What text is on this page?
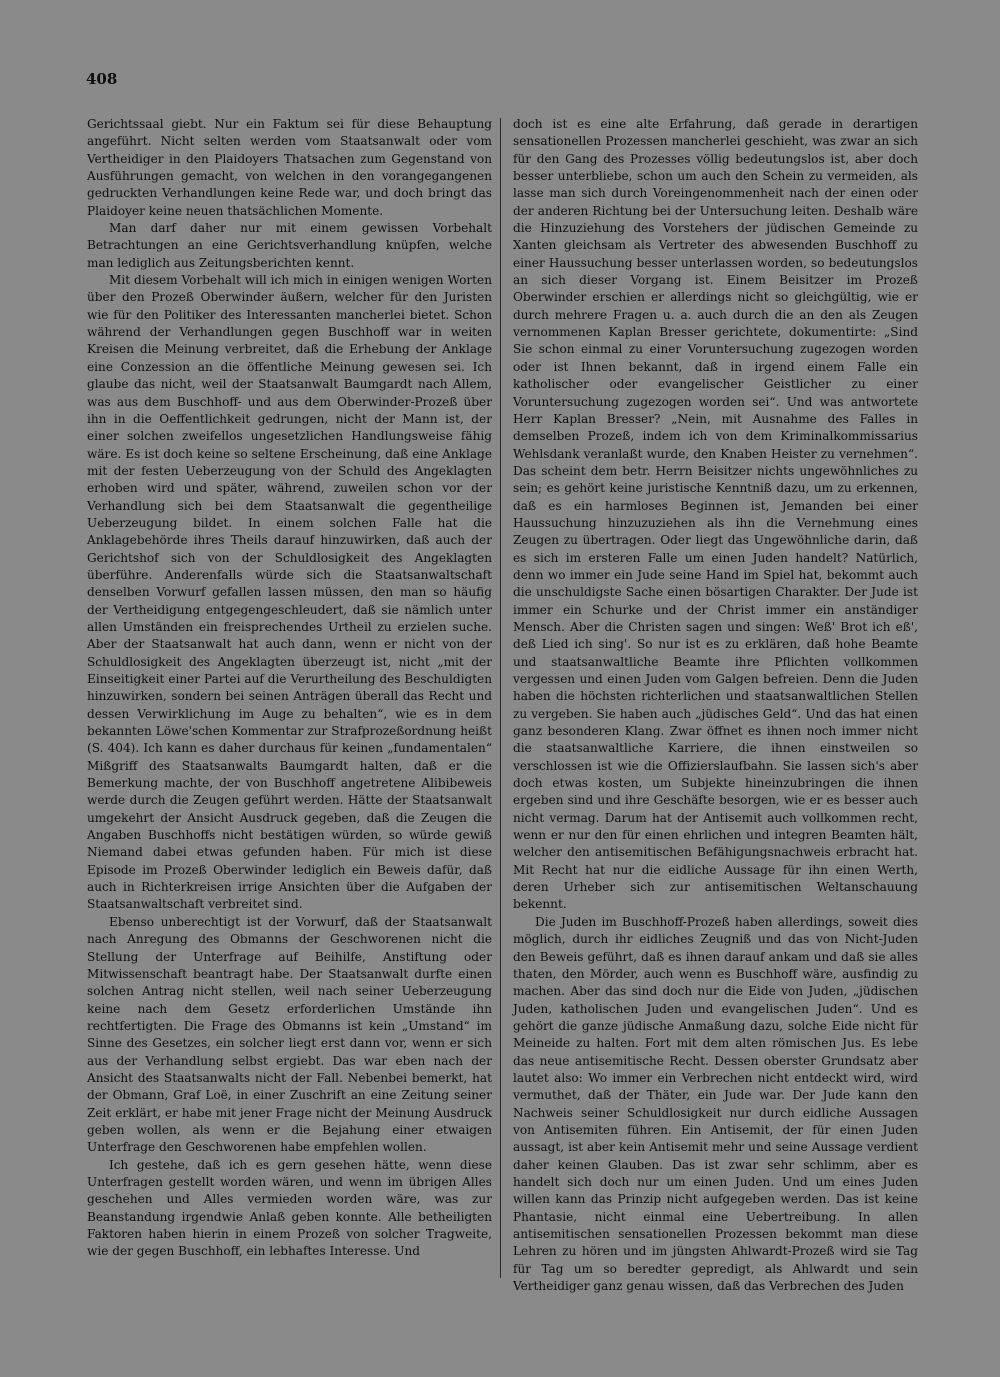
408

Gerichtssaal giebt. Nur ein Faktum sei für diese Behauptung angeführt. Nicht selten werden vom Staatsanwalt oder vom Vertheidiger in den Plaidoyers Thatsachen zum Gegenstand von Ausführungen gemacht, von welchen in den vorangegangenen gedruckten Verhandlungen keine Rede war, und doch bringt das Plaidoyer keine neuen thatsächlichen Momente.

Man darf daher nur mit einem gewissen Vorbehalt Betrachtungen an eine Gerichtsverhandlung knüpfen, welche man lediglich aus Zeitungsberichten kennt.

Mit diesem Vorbehalt will ich mich in einigen wenigen Worten über den Prozeß Oberwinder äußern, welcher für den Juristen wie für den Politiker des Interessanten mancherlei bietet. Schon während der Verhandlungen gegen Buschhoff war in weiten Kreisen die Meinung verbreitet, daß die Erhebung der Anklage eine Conzession an die öffentliche Meinung gewesen sei. Ich glaube das nicht, weil der Staatsanwalt Baumgardt nach Allem, was aus dem Buschhoff- und aus dem Oberwinder-Prozeß über ihn in die Oeffentlichkeit gedrungen, nicht der Mann ist, der einer solchen zweifellos ungesetzlichen Handlungsweise fähig wäre. Es ist doch keine so seltene Erscheinung, daß eine Anklage mit der festen Ueberzeugung von der Schuld des Angeklagten erhoben wird und später, während, zuweilen schon vor der Verhandlung sich bei dem Staatsanwalt die gegentheilige Ueberzeugung bildet. In einem solchen Falle hat die Anklagebehörde ihres Theils darauf hinzuwirken, daß auch der Gerichtshof sich von der Schuldlosigkeit des Angeklagten überführe. Anderenfalls würde sich die Staatsanwaltschaft denselben Vorwurf gefallen lassen müssen, den man so häufig der Vertheidigung entgegengeschleudert, daß sie nämlich unter allen Umständen ein freisprechendes Urtheil zu erzielen suche. Aber der Staatsanwalt hat auch dann, wenn er nicht von der Schuldlosigkeit des Angeklagten überzeugt ist, nicht „mit der Einseitigkeit einer Partei auf die Verurtheilung des Beschuldigten hinzuwirken, sondern bei seinen Anträgen überall das Recht und dessen Verwirklichung im Auge zu behalten“, wie es in dem bekannten Löwe'schen Kommentar zur Strafprozeßordnung heißt (S. 404). Ich kann es daher durchaus für keinen „fundamentalen“ Mißgriff des Staatsanwalts Baumgardt halten, daß er die Bemerkung machte, der von Buschhoff angetretene Alibibeweis werde durch die Zeugen geführt werden. Hätte der Staatsanwalt umgekehrt der Ansicht Ausdruck gegeben, daß die Zeugen die Angaben Buschhoffs nicht bestätigen würden, so würde gewiß Niemand dabei etwas gefunden haben. Für mich ist diese Episode im Prozeß Oberwinder lediglich ein Beweis dafür, daß auch in Richterkreisen irrige Ansichten über die Aufgaben der Staatsanwaltschaft verbreitet sind.

Ebenso unberechtigt ist der Vorwurf, daß der Staatsanwalt nach Anregung des Obmanns der Geschworenen nicht die Stellung der Unterfrage auf Beihilfe, Anstiftung oder Mitwissenschaft beantragt habe. Der Staatsanwalt durfte einen solchen Antrag nicht stellen, weil nach seiner Ueberzeugung keine nach dem Gesetz erforderlichen Umstände ihn rechtfertigten. Die Frage des Obmanns ist kein „Umstand“ im Sinne des Gesetzes, ein solcher liegt erst dann vor, wenn er sich aus der Verhandlung selbst ergiebt. Das war eben nach der Ansicht des Staatsanwalts nicht der Fall. Nebenbei bemerkt, hat der Obmann, Graf Loë, in einer Zuschrift an eine Zeitung seiner Zeit erklärt, er habe mit jener Frage nicht der Meinung Ausdruck geben wollen, als wenn er die Bejahung einer etwaigen Unterfrage den Geschworenen habe empfehlen wollen.

Ich gestehe, daß ich es gern gesehen hätte, wenn diese Unterfragen gestellt worden wären, und wenn im übrigen Alles geschehen und Alles vermieden worden wäre, was zur Beanstandung irgendwie Anlaß geben konnte. Alle betheiligten Faktoren haben hierin in einem Prozeß von solcher Tragweite, wie der gegen Buschhoff, ein lebhaftes Interesse. Und

doch ist es eine alte Erfahrung, daß gerade in derartigen sensationellen Prozessen mancherlei geschieht, was zwar an sich für den Gang des Prozesses völlig bedeutungslos ist, aber doch besser unterbliebe, schon um auch den Schein zu vermeiden, als lasse man sich durch Voreingenommenheit nach der einen oder der anderen Richtung bei der Untersuchung leiten. Deshalb wäre die Hinzuziehung des Vorstehers der jüdischen Gemeinde zu Xanten gleichsam als Vertreter des abwesenden Buschhoff zu einer Haussuchung besser unterlassen worden, so bedeutungslos an sich dieser Vorgang ist. Einem Beisitzer im Prozeß Oberwinder erschien er allerdings nicht so gleichgültig, wie er durch mehrere Fragen u. a. auch durch die an den als Zeugen vernommenen Kaplan Bresser gerichtete, dokumentirte: „Sind Sie schon einmal zu einer Voruntersuchung zugezogen worden oder ist Ihnen bekannt, daß in irgend einem Falle ein katholischer oder evangelischer Geistlicher zu einer Voruntersuchung zugezogen worden sei“. Und was antwortete Herr Kaplan Bresser? „Nein, mit Ausnahme des Falles in demselben Prozeß, indem ich von dem Kriminalkommissarius Wehlsdank veranlaßt wurde, den Knaben Heister zu vernehmen“. Das scheint dem betr. Herrn Beisitzer nichts ungewöhnliches zu sein; es gehört keine juristische Kenntniß dazu, um zu erkennen, daß es ein harmloses Beginnen ist, Jemanden bei einer Haussuchung hinzuzuziehen als ihn die Vernehmung eines Zeugen zu übertragen. Oder liegt das Ungewöhnliche darin, daß es sich im ersteren Falle um einen Juden handelt? Natürlich, denn wo immer ein Jude seine Hand im Spiel hat, bekommt auch die unschuldigste Sache einen bösartigen Charakter. Der Jude ist immer ein Schurke und der Christ immer ein anständiger Mensch. Aber die Christen sagen und singen: Weß' Brot ich eß', deß Lied ich sing'. So nur ist es zu erklären, daß hohe Beamte und staatsanwaltliche Beamte ihre Pflichten vollkommen vergessen und einen Juden vom Galgen befreien. Denn die Juden haben die höchsten richterlichen und staatsanwaltlichen Stellen zu vergeben. Sie haben auch „jüdisches Geld“. Und das hat einen ganz besonderen Klang. Zwar öffnet es ihnen noch immer nicht die staatsanwaltliche Karriere, die ihnen einstweilen so verschlossen ist wie die Offizierslaufbahn. Sie lassen sich's aber doch etwas kosten, um Subjekte hineinzubringen die ihnen ergeben sind und ihre Geschäfte besorgen, wie er es besser auch nicht vermag. Darum hat der Antisemit auch vollkommen recht, wenn er nur den für einen ehrlichen und integren Beamten hält, welcher den antisemitischen Befähigungsnachweis erbracht hat. Mit Recht hat nur die eidliche Aussage für ihn einen Werth, deren Urheber sich zur antisemitischen Weltanschauung bekennt.

Die Juden im Buschhoff-Prozeß haben allerdings, soweit dies möglich, durch ihr eidliches Zeugniß und das von Nicht-Juden den Beweis geführt, daß es ihnen darauf ankam und daß sie alles thaten, den Mörder, auch wenn es Buschhoff wäre, ausfindig zu machen. Aber das sind doch nur die Eide von Juden, „jüdischen Juden, katholischen Juden und evangelischen Juden“. Und es gehört die ganze jüdische Anmaßung dazu, solche Eide nicht für Meineide zu halten. Fort mit dem alten römischen Jus. Es lebe das neue antisemitische Recht. Dessen oberster Grundsatz aber lautet also: Wo immer ein Verbrechen nicht entdeckt wird, wird vermuthet, daß der Thäter, ein Jude war. Der Jude kann den Nachweis seiner Schuldlosigkeit nur durch eidliche Aussagen von Antisemiten führen. Ein Antisemit, der für einen Juden aussagt, ist aber kein Antisemit mehr und seine Aussage verdient daher keinen Glauben. Das ist zwar sehr schlimm, aber es handelt sich doch nur um einen Juden. Und um eines Juden willen kann das Prinzip nicht aufgegeben werden. Das ist keine Phantasie, nicht einmal eine Uebertreibung. In allen antisemitischen sensationellen Prozessen bekommt man diese Lehren zu hören und im jüngsten Ahlwardt-Prozeß wird sie Tag für Tag um so beredter gepredigt, als Ahlwardt und sein Vertheidiger ganz genau wissen, daß das Verbrechen des Juden
